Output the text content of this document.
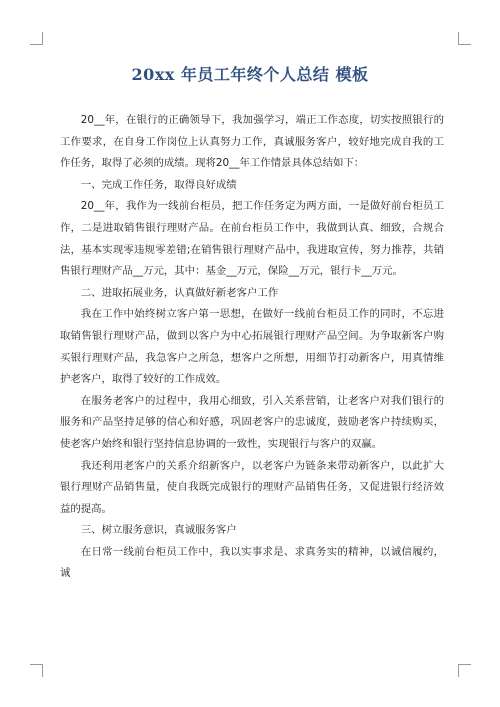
20xx 年员工年终个人总结 模板

20__年，在银行的正确领导下，我加强学习，端正工作态度，切实按照银行的工作要求，在自身工作岗位上认真努力工作，真诚服务客户，较好地完成自我的工作任务，取得了必须的成绩。现将20__年工作情景具体总结如下：

一、完成工作任务，取得良好成绩

20__年，我作为一线前台柜员，把工作任务定为两方面，一是做好前台柜员工作，二是进取销售银行理财产品。在前台柜员工作中，我做到认真、细致，合规合法，基本实现零违规零差错;在销售银行理财产品中，我进取宣传，努力推荐，共销售银行理财产品__万元，其中：基金__万元，保险__万元，银行卡__万元。

二、进取拓展业务，认真做好新老客户工作

我在工作中始终树立客户第一思想，在做好一线前台柜员工作的同时，不忘进取销售银行理财产品，做到以客户为中心拓展银行理财产品空间。为争取新客户购买银行理财产品，我急客户之所急，想客户之所想，用细节打动新客户，用真情维护老客户，取得了较好的工作成效。

在服务老客户的过程中，我用心细致，引入关系营销，让老客户对我们银行的服务和产品坚持足够的信心和好感，巩固老客户的忠诚度，鼓励老客户持续购买，使老客户始终和银行坚持信息协调的一致性，实现银行与客户的双赢。

我还利用老客户的关系介绍新客户，以老客户为链条来带动新客户，以此扩大银行理财产品销售量，使自我既完成银行的理财产品销售任务，又促进银行经济效益的提高。

三、树立服务意识，真诚服务客户

在日常一线前台柜员工作中，我以实事求是、求真务实的精神，以诚信履约，诚
